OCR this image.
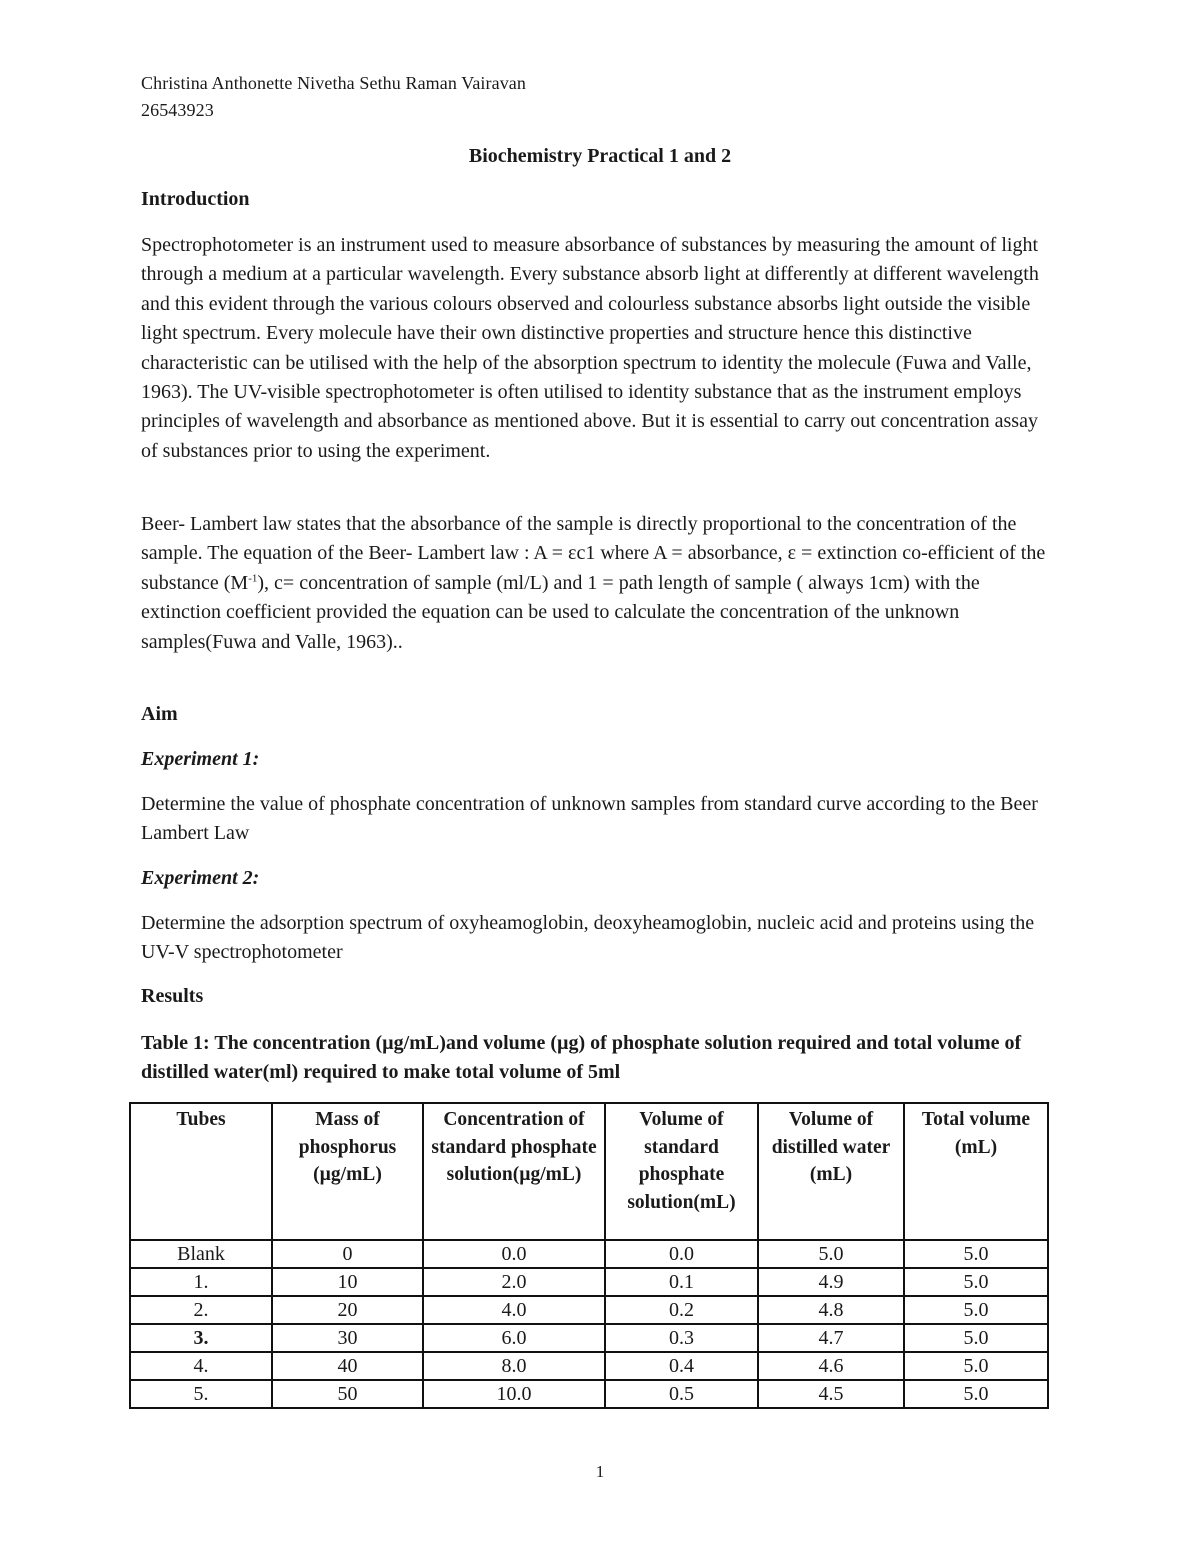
Christina Anthonette Nivetha Sethu Raman Vairavan
26543923
Biochemistry Practical 1 and 2
Introduction

Spectrophotometer is an instrument used to measure absorbance of substances by measuring the amount of light through a medium at a particular wavelength. Every substance absorb light at differently at different wavelength and this evident through the various colours observed and colourless substance absorbs light outside the visible light spectrum. Every molecule have their own distinctive properties and structure hence this distinctive characteristic can be utilised with the help of the absorption spectrum to identity the molecule (Fuwa and Valle, 1963). The UV-visible spectrophotometer is often utilised to identity substance that as the instrument employs principles of wavelength and absorbance as mentioned above. But it is essential to carry out concentration assay of substances prior to using the experiment.

Beer- Lambert law states that the absorbance of the sample is directly proportional to the concentration of the sample. The equation of the Beer- Lambert law : A = εc1 where A = absorbance, ε = extinction co-efficient of the substance $(M^{-1})$, c= concentration of sample (ml/L) and 1 = path length of sample ( always 1cm) with the extinction coefficient provided the equation can be used to calculate the concentration of the unknown samples(Fuwa and Valle, 1963)..

Aim
Experiment 1:

Determine the value of phosphate concentration of unknown samples from standard curve according to the Beer Lambert Law

Experiment 2:

Determine the adsorption spectrum of oxyheamoglobin, deoxyheamoglobin, nucleic acid and proteins using the UV-V spectrophotometer

Results

Table 1: The concentration (µg/mL)and volume (µg) of phosphate solution required and total volume of distilled water(ml) required to make total volume of 5ml

Tubes	Mass of phosphorus (µg/mL)	Concentration of standard phosphate solution(µg/mL)	Volume of standard phosphate solution(mL)	Volume of distilled water (mL)	Total volume (mL)
Blank	0	0.0	0.0	5.0	5.0
1.	10	2.0	0.1	4.9	5.0
2.	20	4.0	0.2	4.8	5.0
3.	30	6.0	0.3	4.7	5.0
4.	40	8.0	0.4	4.6	5.0
5.	50	10.0	0.5	4.5	5.0
1
